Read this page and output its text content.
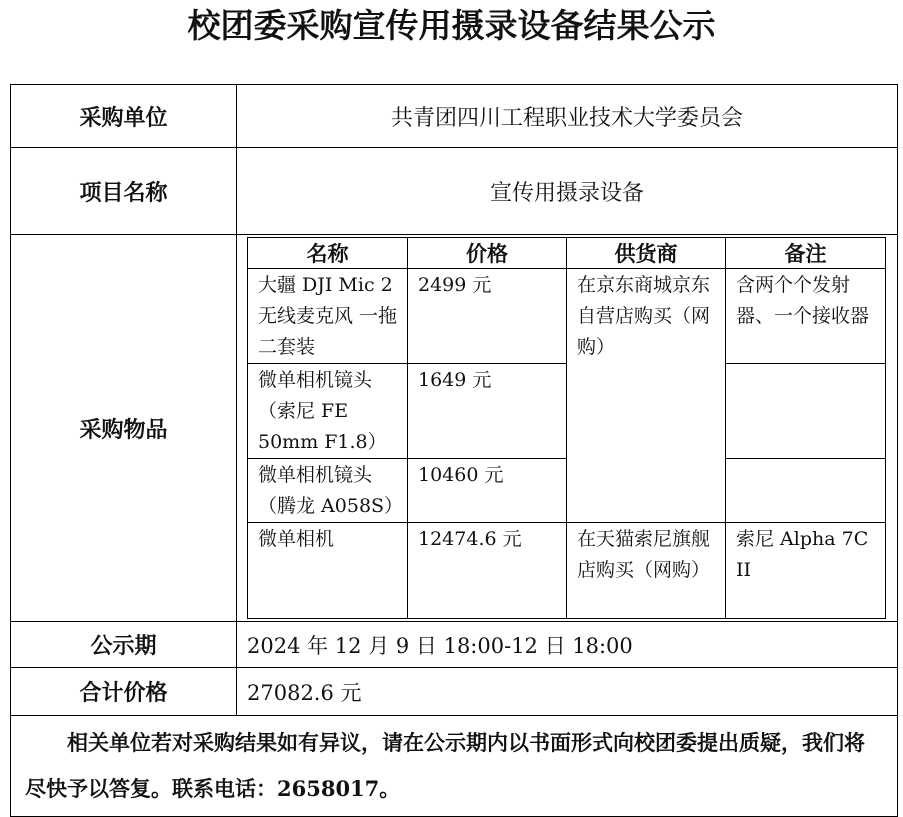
校团委采购宣传用摄录设备结果公示
采购单位	共青团四川工程职业技术大学委员会
项目名称	宣传用摄录设备
采购物品	
名称	价格	供货商	备注
大疆 DJI Mic 2 无线麦克风 一拖二套装	2499 元	在京东商城京东自营店购买（网购）	含两个个发射器、一个接收器
微单相机镜头（索尼 FE 50mm F1.8）	1649 元	
微单相机镜头（腾龙 A058S）	10460 元	
微单相机	12474.6 元	在天猫索尼旗舰店购买（网购）	索尼 Alpha 7C II

公示期	2024 年 12 月 9 日 18:00-12 日 18:00
合计价格	27082.6 元
相关单位若对采购结果如有异议，请在公示期内以书面形式向校团委提出质疑，我们将尽快予以答复。联系电话：2658017。
